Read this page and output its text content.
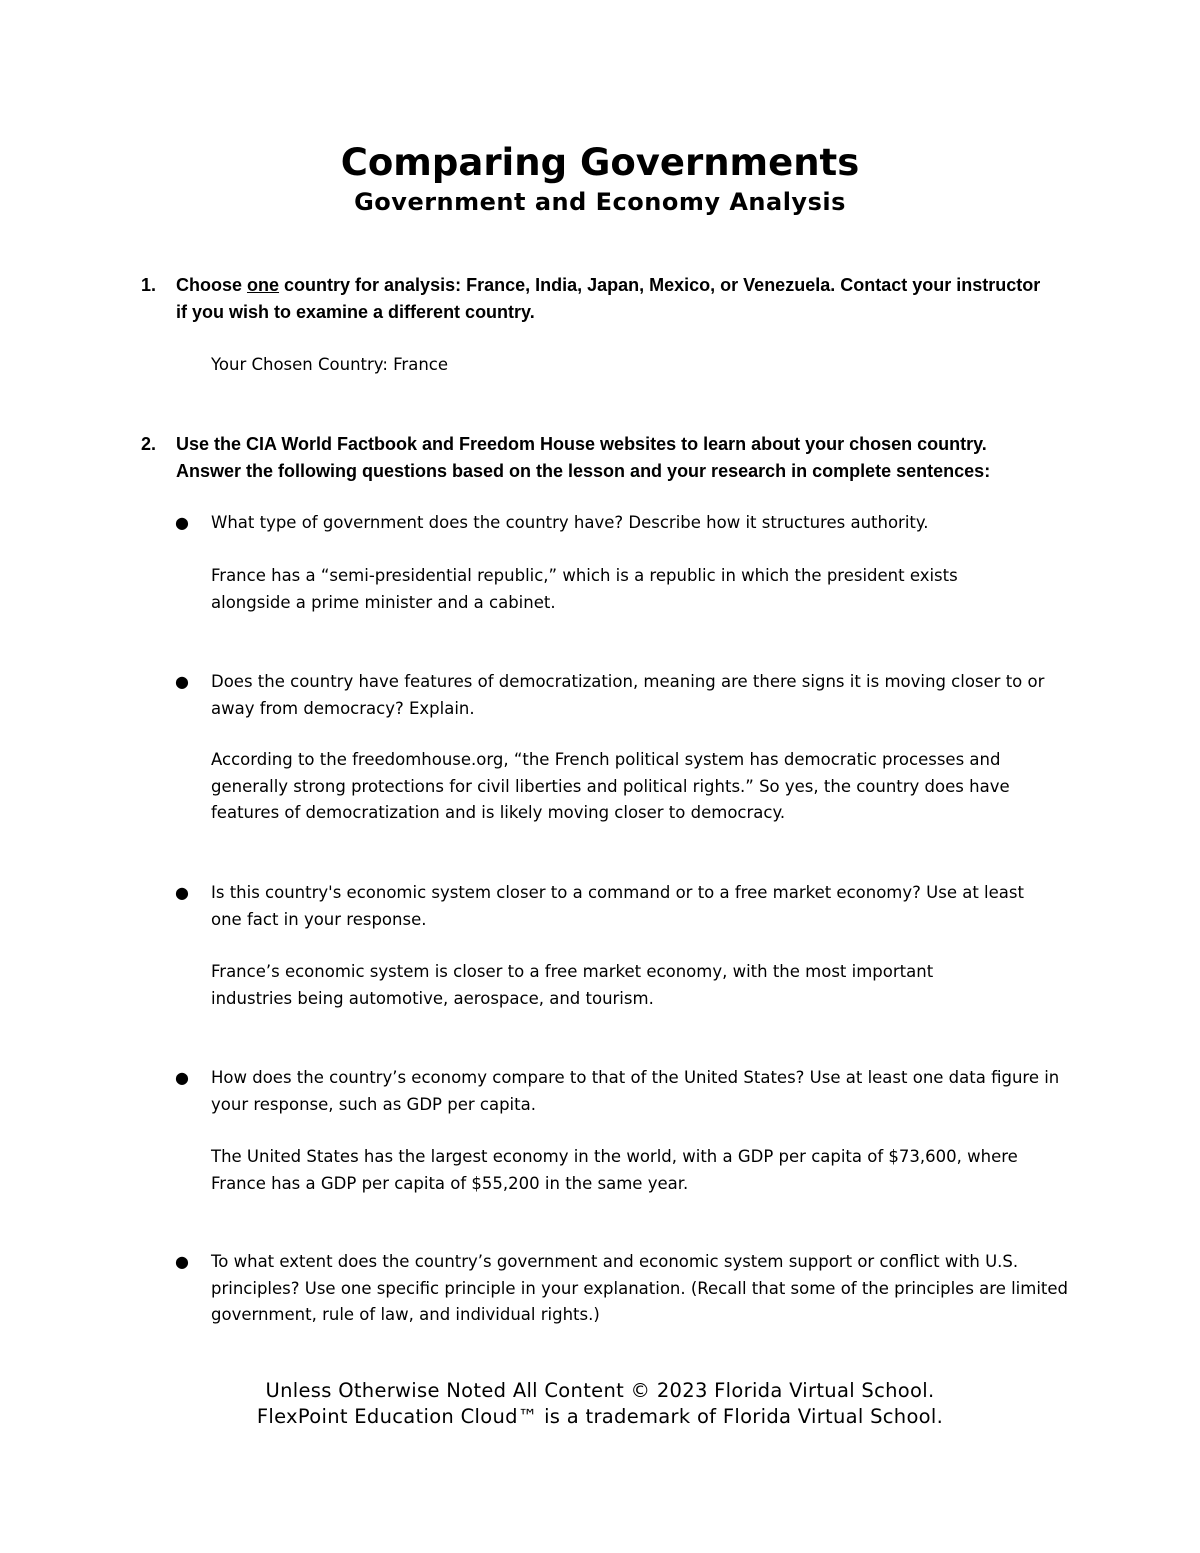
Comparing Governments
Government and Economy Analysis
1. Choose one country for analysis: France, India, Japan, Mexico, or Venezuela. Contact your instructor if you wish to examine a different country.
Your Chosen Country: France
2. Use the CIA World Factbook and Freedom House websites to learn about your chosen country. Answer the following questions based on the lesson and your research in complete sentences:
● What type of government does the country have? Describe how it structures authority.
France has a “semi-presidential republic,” which is a republic in which the president exists alongside a prime minister and a cabinet.
● Does the country have features of democratization, meaning are there signs it is moving closer to or away from democracy? Explain.
According to the freedomhouse.org, “the French political system has democratic processes and generally strong protections for civil liberties and political rights.” So yes, the country does have features of democratization and is likely moving closer to democracy.
● Is this country's economic system closer to a command or to a free market economy? Use at least one fact in your response.
France’s economic system is closer to a free market economy, with the most important industries being automotive, aerospace, and tourism.
● How does the country’s economy compare to that of the United States? Use at least one data figure in your response, such as GDP per capita.
The United States has the largest economy in the world, with a GDP per capita of $73,600, where France has a GDP per capita of $55,200 in the same year.
● To what extent does the country’s government and economic system support or conflict with U.S. principles? Use one specific principle in your explanation. (Recall that some of the principles are limited government, rule of law, and individual rights.)
Unless Otherwise Noted All Content © 2023 Florida Virtual School.
FlexPoint Education Cloud™ is a trademark of Florida Virtual School.
